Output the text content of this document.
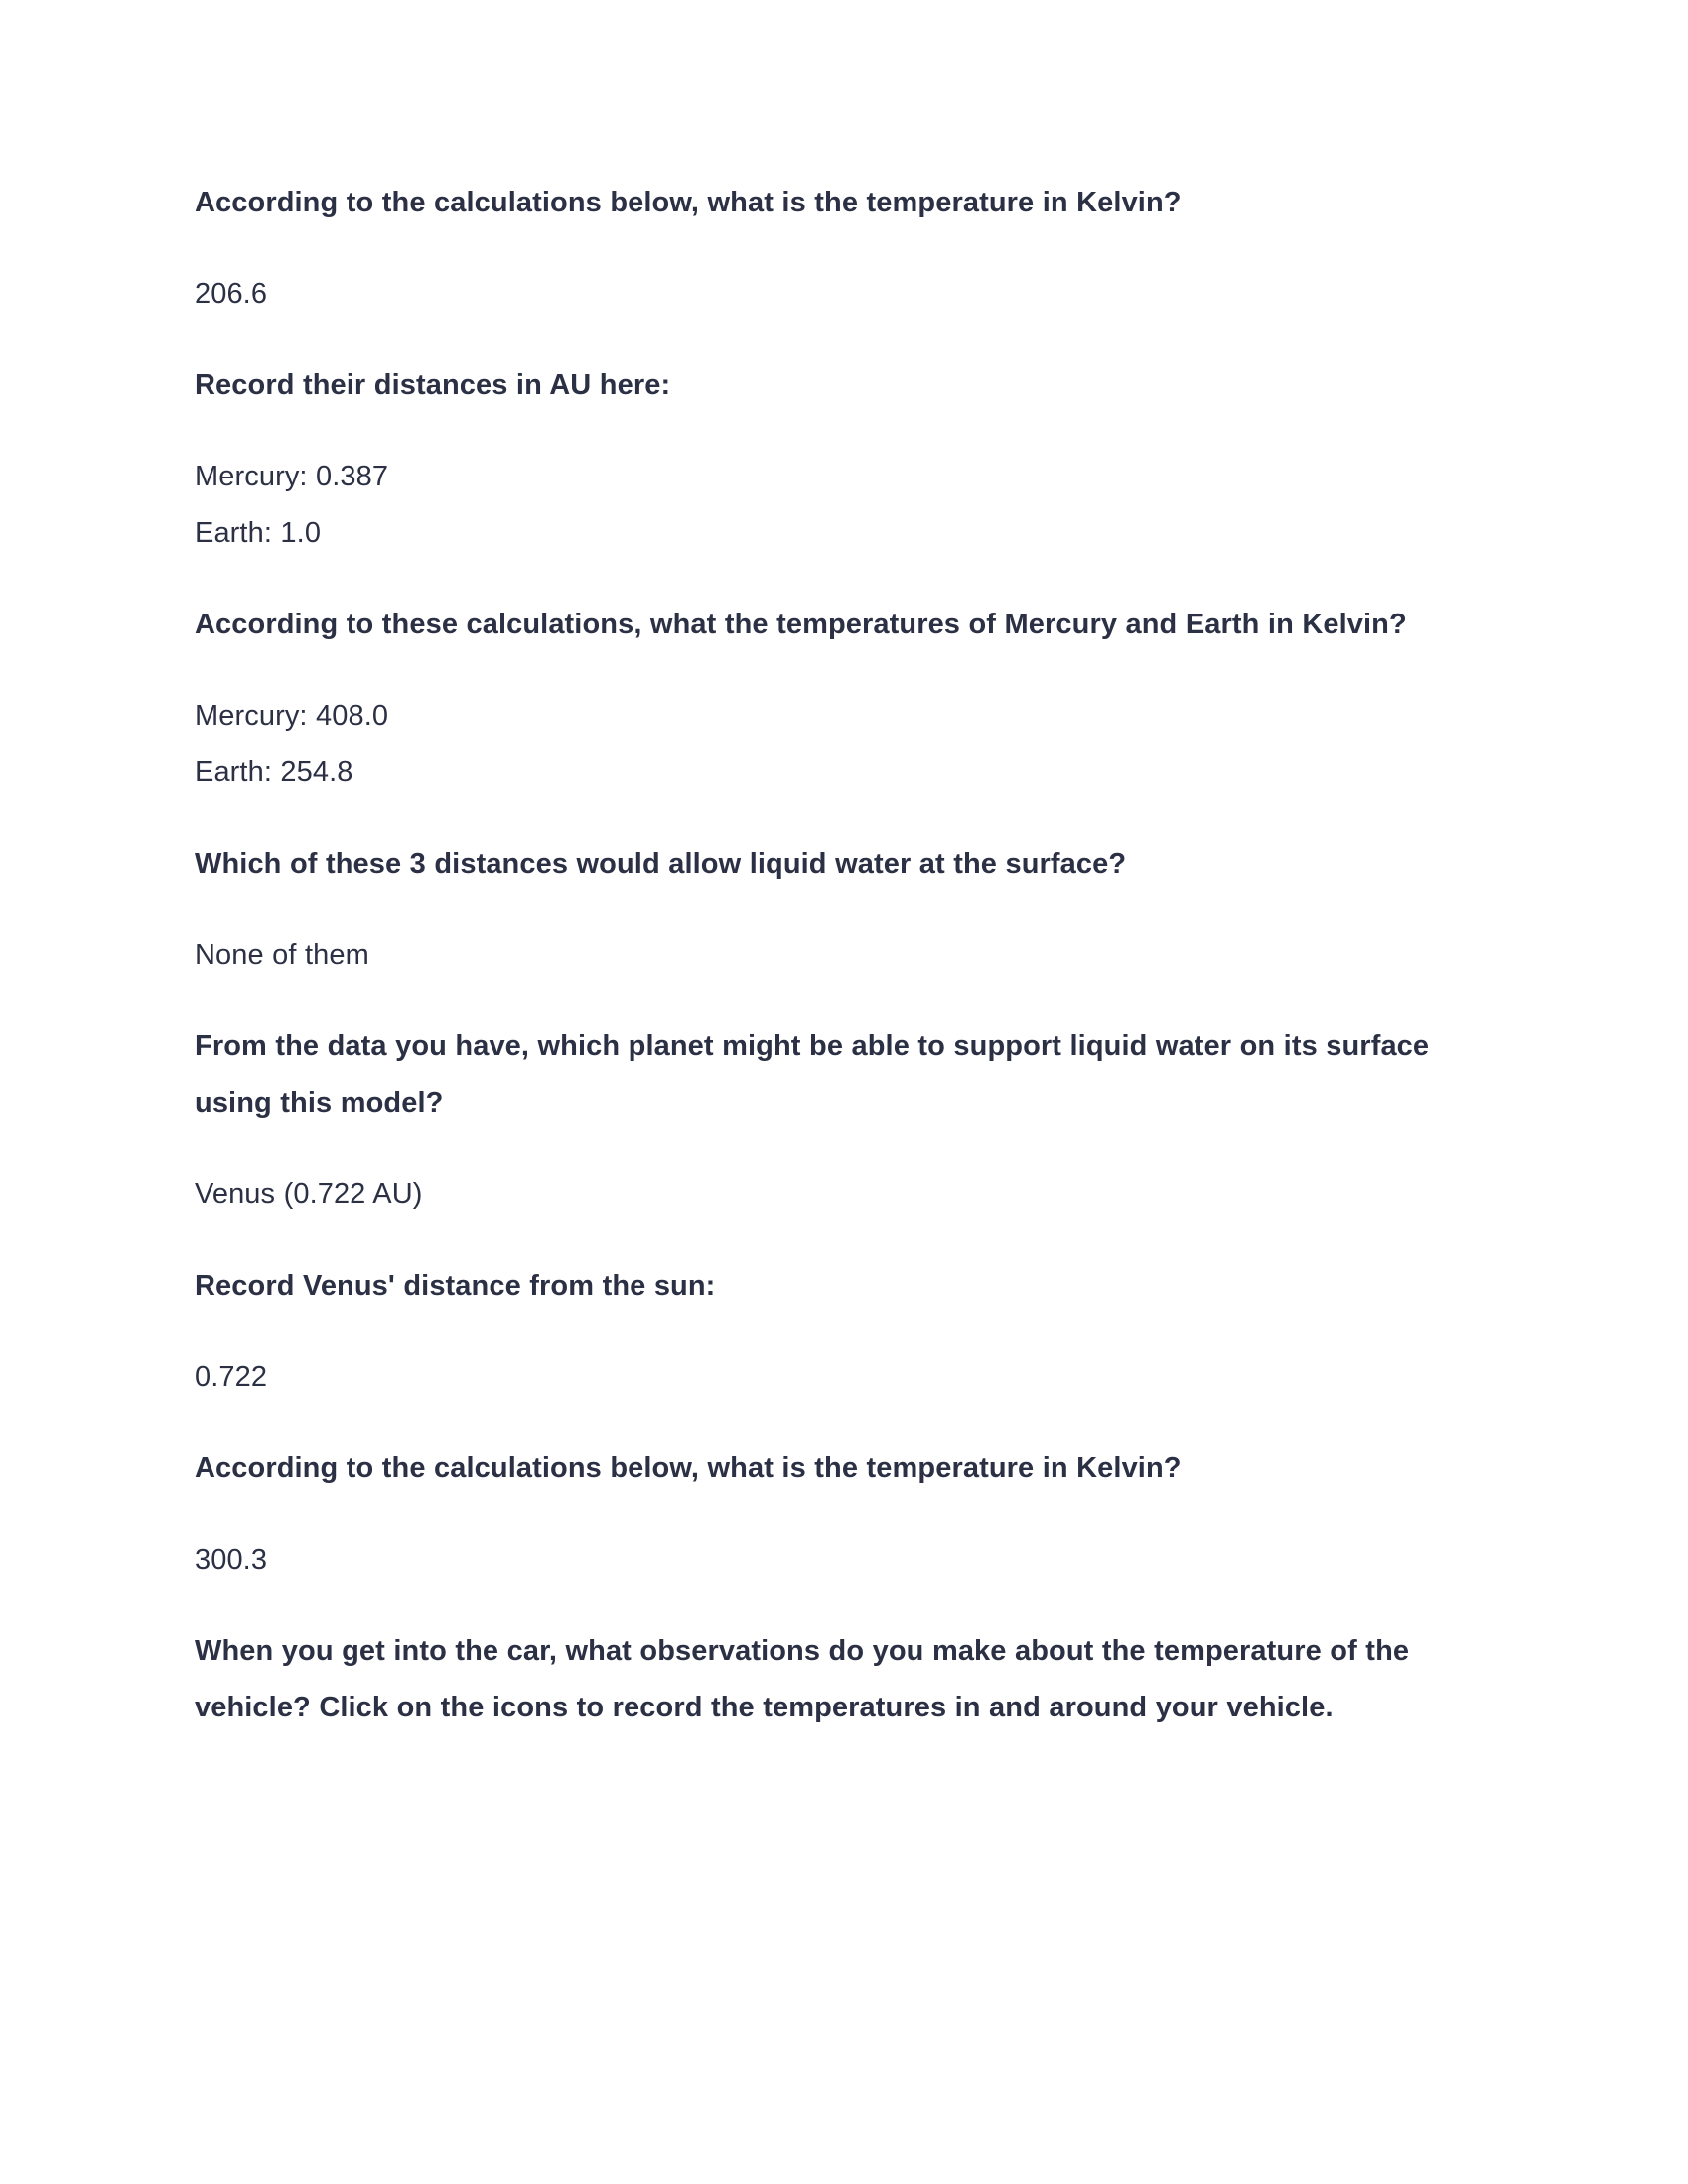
According to the calculations below, what is the temperature in Kelvin?

206.6

Record their distances in AU here:

Mercury: 0.387
Earth: 1.0

According to these calculations, what the temperatures of Mercury and Earth in Kelvin?

Mercury: 408.0
Earth: 254.8

Which of these 3 distances would allow liquid water at the surface?

None of them

From the data you have, which planet might be able to support liquid water on its surface using this model?

Venus (0.722 AU)

Record Venus' distance from the sun:

0.722

According to the calculations below, what is the temperature in Kelvin?

300.3

When you get into the car, what observations do you make about the temperature of the vehicle? Click on the icons to record the temperatures in and around your vehicle.
